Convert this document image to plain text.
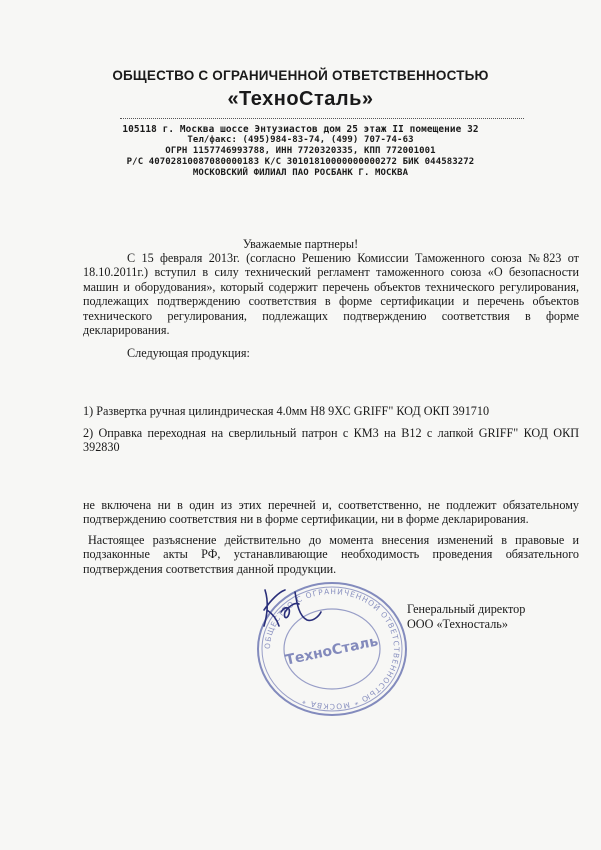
ОБЩЕСТВО С ОГРАНИЧЕННОЙ ОТВЕТСТВЕННОСТЬЮ
«ТехноСталь»
105118 г. Москва шоссе Энтузиастов дом 25 этаж II помещение 32
Тел/факс: (495)984-83-74, (499) 707-74-63
ОГРН 1157746993788, ИНН 7720320335, КПП 772001001
Р/С 40702810087080000183 К/С 30101810000000000272 БИК 044583272
МОСКОВСКИЙ ФИЛИАЛ ПАО РОСБАНК Г. МОСКВА
Уважаемые партнеры!
С 15 февраля 2013г. (согласно Решению Комиссии Таможенного союза №823 от 18.10.2011г.) вступил в силу технический регламент таможенного союза «О безопасности машин и оборудования», который содержит перечень объектов технического регулирования, подлежащих подтверждению соответствия в форме сертификации и перечень объектов технического регулирования, подлежащих подтверждению соответствия в форме декларирования.
Следующая продукция:
1) Развертка ручная цилиндрическая 4.0мм Н8 9ХС GRIFF" КОД ОКП 391710
2) Оправка переходная на сверлильный патрон с КМ3 на В12 с лапкой GRIFF" КОД ОКП 392830
не включена ни в один из этих перечней и, соответственно, не подлежит обязательному подтверждению соответствия ни в форме сертификации, ни в форме декларирования.
Настоящее разъяснение действительно до момента внесения изменений в правовые и подзаконные акты РФ, устанавливающие необходимость проведения обязательного подтверждения соответствия данной продукции.
Генеральный директор
ООО «Техносталь»
ОБЩЕСТВО С ОГРАНИЧЕННОЙ ОТВЕТСТВЕННОСТЬЮ * МОСКВА *
ТехноСталь
